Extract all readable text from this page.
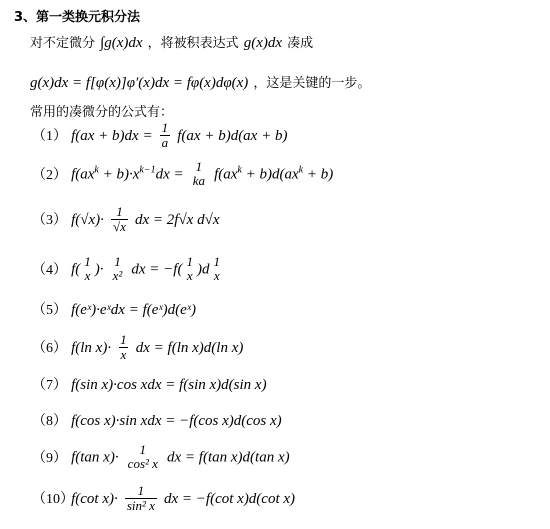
3、第一类换元积分法
对不定微分 ∫g(x)dx ，将被积表达式 g(x)dx 凑成
g(x)dx = f[φ(x)]φ′(x)dx = fφ(x)dφ(x) ，这是关键的一步。
常用的凑微分的公式有：
（1） $f(ax + b)dx = \frac{1}{a} f(ax + b)d(ax + b)$
（2） $f(ax^k + b)\cdot x^{k-1}dx = 1$
ka $f(ax^k + b)d(ax^k + b)$
（3） $f(√x)\cdot \frac{1}{√x}$ dx = 2f√x d√x
（4） f( 1
x )· 1
x² dx = −f( 1
x )d 1
x
（5） f(eˣ)·eˣdx = f(eˣ)d(eˣ)
（6） f(ln $x)\cdot \frac{1}{x}$ dx = f(ln x)d(ln x)
（7） f(sin x)·cos xdx = f(sin x)d(sin x)
（8） f(cos x)·sin xdx = −f(cos x)d(cos x)
（9） f(tan x)· 1
cos² x dx = f(tan x)d(tan x)
（10） f(cot $x)\cdot \frac{1}{\text{sin² x}}$ dx = −f(cot x)d(cot x)
